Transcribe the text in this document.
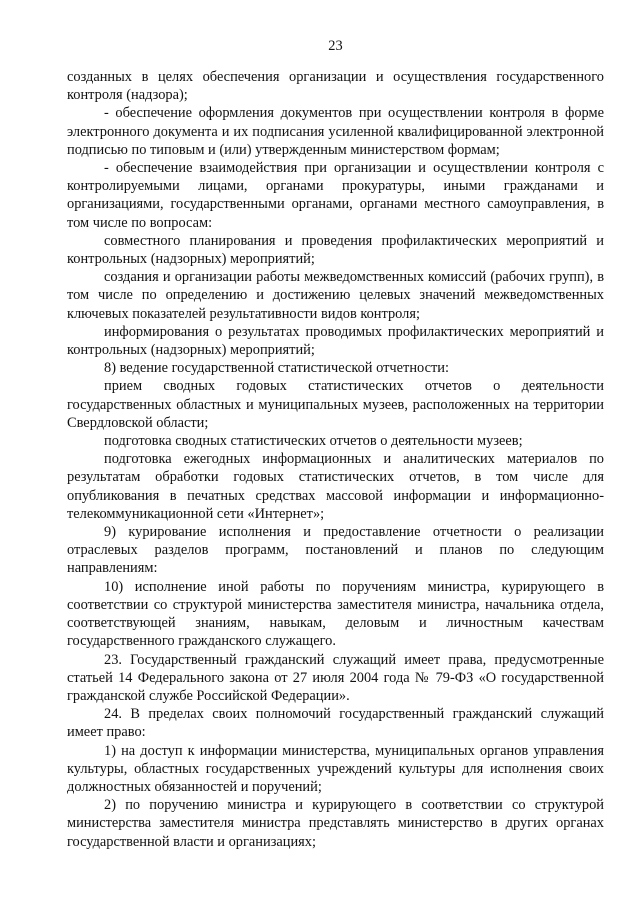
23

созданных в целях обеспечения организации и осуществления государственного контроля (надзора);

- обеспечение оформления документов при осуществлении контроля в форме электронного документа и их подписания усиленной квалифицированной электронной подписью по типовым и (или) утвержденным министерством формам;

- обеспечение взаимодействия при организации и осуществлении контроля с контролируемыми лицами, органами прокуратуры, иными гражданами и организациями, государственными органами, органами местного самоуправления, в том числе по вопросам:

совместного планирования и проведения профилактических мероприятий и контрольных (надзорных) мероприятий;

создания и организации работы межведомственных комиссий (рабочих групп), в том числе по определению и достижению целевых значений межведомственных ключевых показателей результативности видов контроля;

информирования о результатах проводимых профилактических мероприятий и контрольных (надзорных) мероприятий;

8) ведение государственной статистической отчетности:

прием сводных годовых статистических отчетов о деятельности государственных областных и муниципальных музеев, расположенных на территории Свердловской области;

подготовка сводных статистических отчетов о деятельности музеев;

подготовка ежегодных информационных и аналитических материалов по результатам обработки годовых статистических отчетов, в том числе для опубликования в печатных средствах массовой информации и информационно-телекоммуникационной сети «Интернет»;

9) курирование исполнения и предоставление отчетности о реализации отраслевых разделов программ, постановлений и планов по следующим направлениям:

10) исполнение иной работы по поручениям министра, курирующего в соответствии со структурой министерства заместителя министра, начальника отдела, соответствующей знаниям, навыкам, деловым и личностным качествам государственного гражданского служащего.

23. Государственный гражданский служащий имеет права, предусмотренные статьей 14 Федерального закона от 27 июля 2004 года № 79-ФЗ «О государственной гражданской службе Российской Федерации».

24. В пределах своих полномочий государственный гражданский служащий имеет право:

1) на доступ к информации министерства, муниципальных органов управления культуры, областных государственных учреждений культуры для исполнения своих должностных обязанностей и поручений;

2) по поручению министра и курирующего в соответствии со структурой министерства заместителя министра представлять министерство в других органах государственной власти и организациях;
